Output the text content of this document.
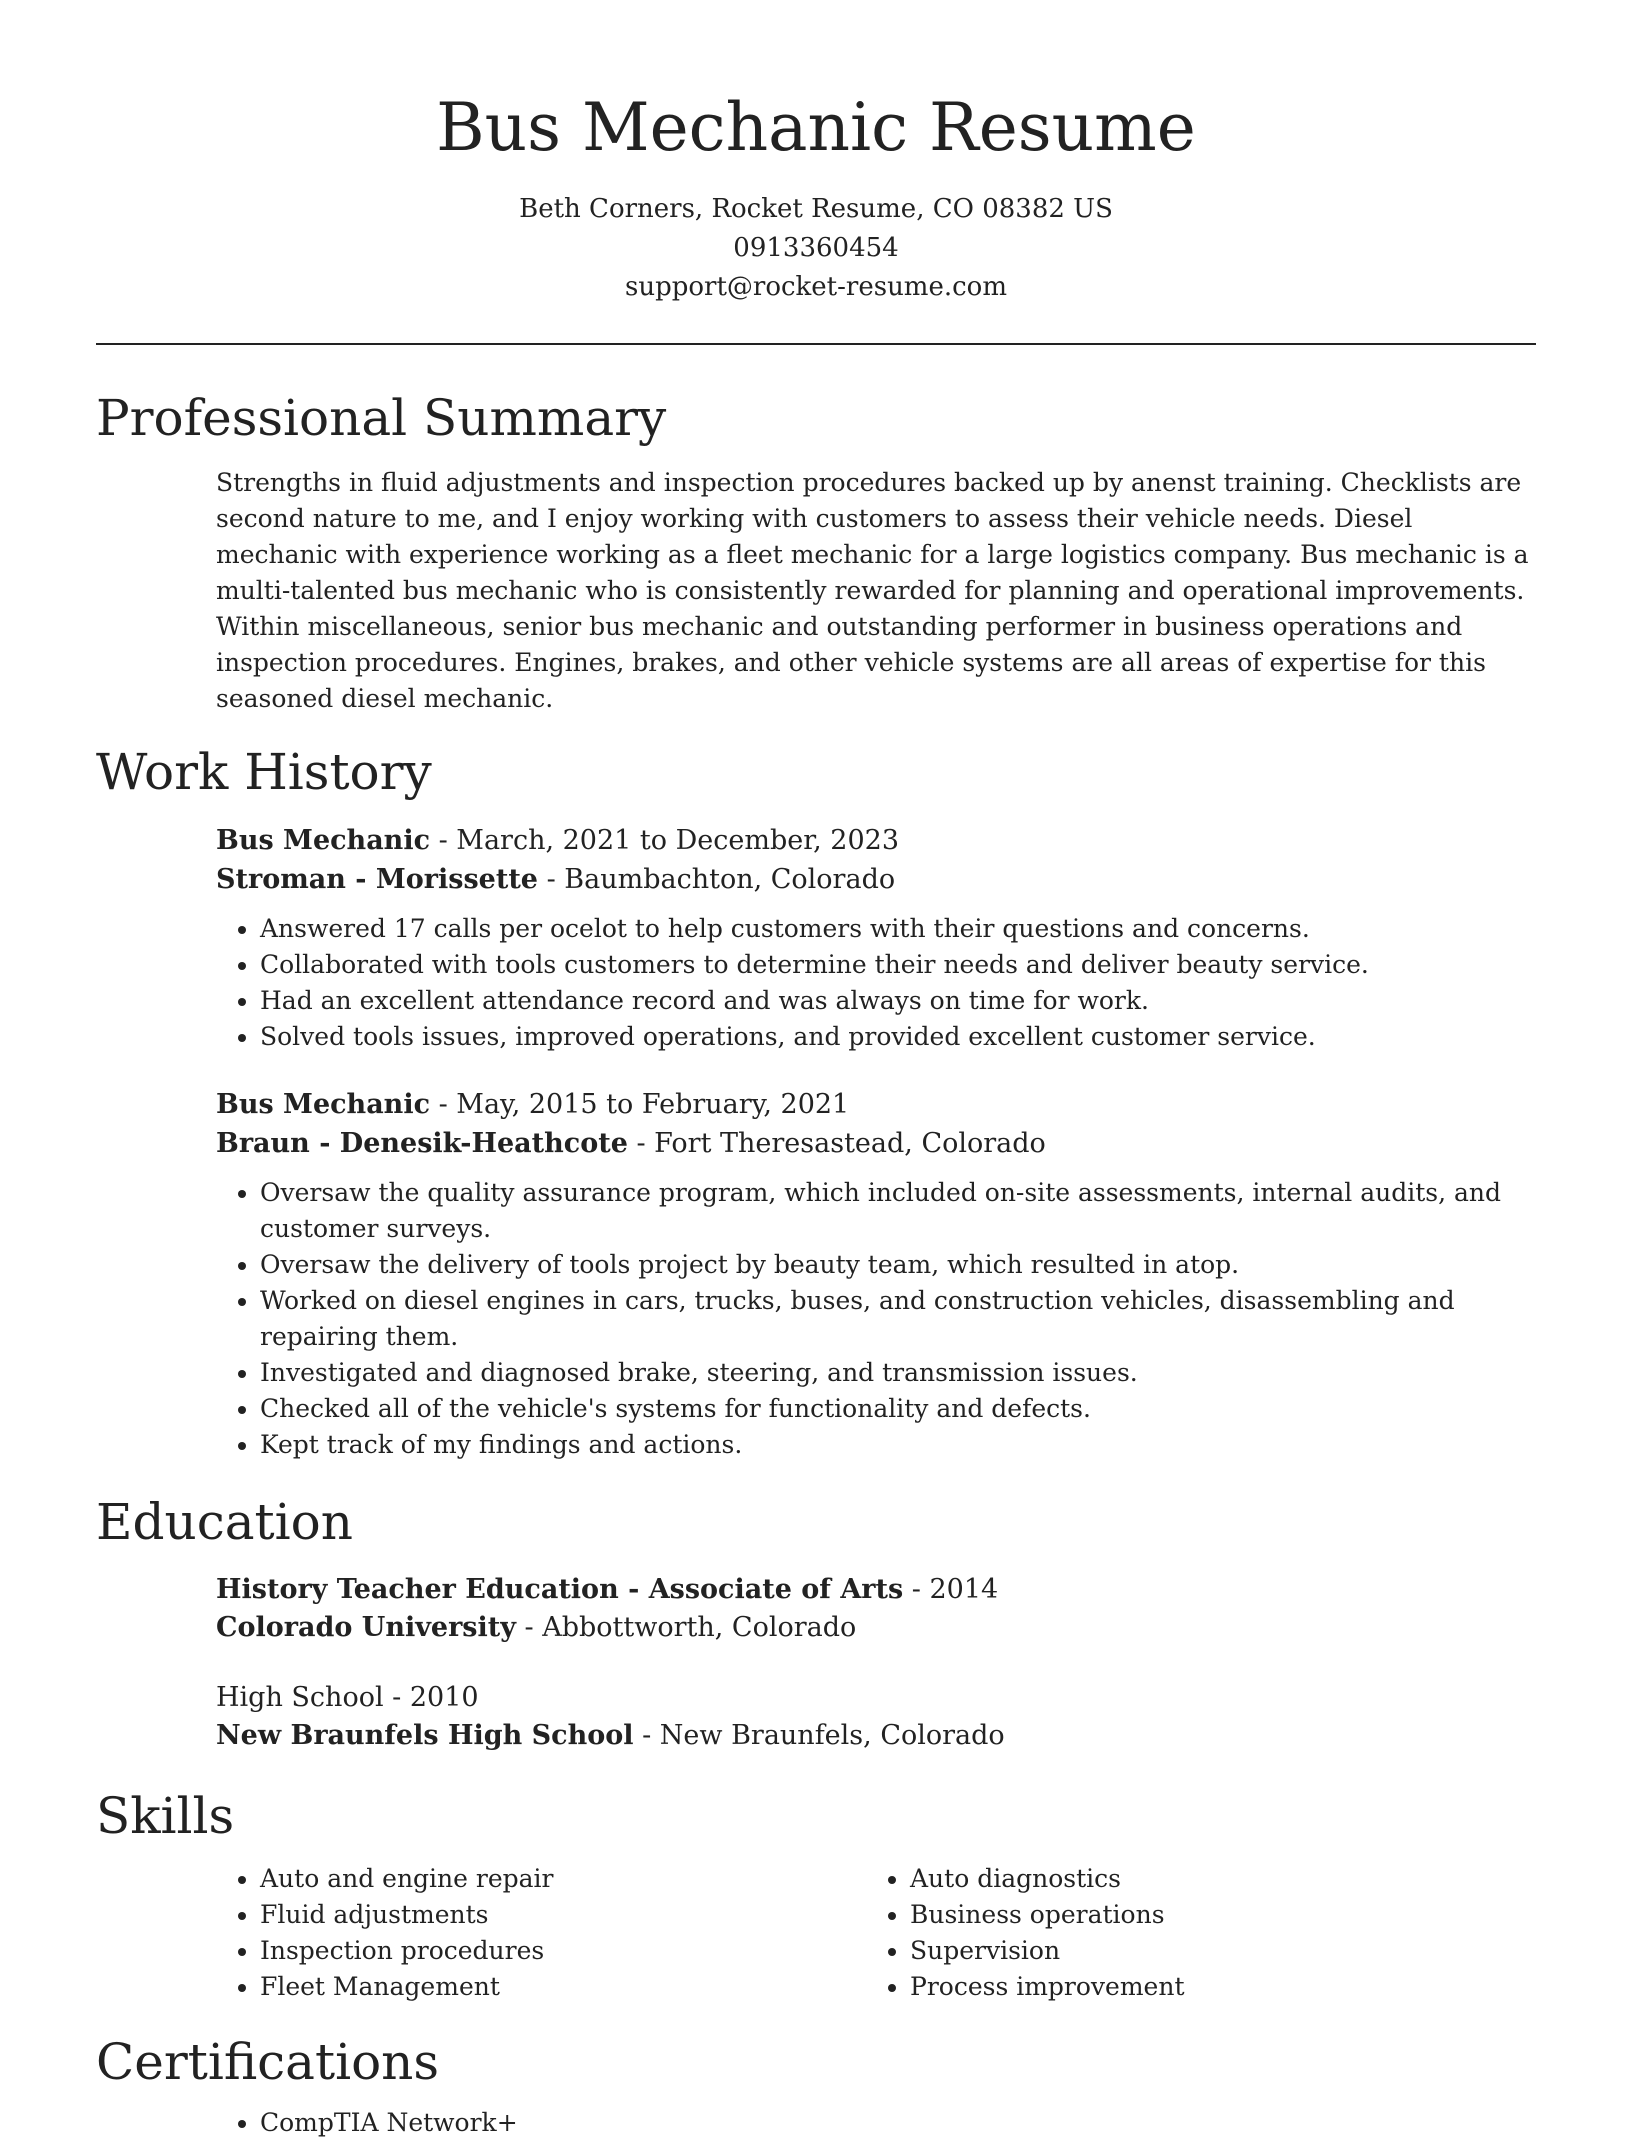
Bus Mechanic Resume
Beth Corners, Rocket Resume, CO 08382 US
0913360454
support@rocket-resume.com
Professional Summary

Strengths in fluid adjustments and inspection procedures backed up by anenst training. Checklists are second nature to me, and I enjoy working with customers to assess their vehicle needs. Diesel mechanic with experience working as a fleet mechanic for a large logistics company. Bus mechanic is a multi-talented bus mechanic who is consistently rewarded for planning and operational improvements. Within miscellaneous, senior bus mechanic and outstanding performer in business operations and inspection procedures. Engines, brakes, and other vehicle systems are all areas of expertise for this seasoned diesel mechanic.

Work History
Bus Mechanic - March, 2021 to December, 2023
Stroman - Morissette - Baumbachton, Colorado
• Answered 17 calls per ocelot to help customers with their questions and concerns.
• Collaborated with tools customers to determine their needs and deliver beauty service.
• Had an excellent attendance record and was always on time for work.
• Solved tools issues, improved operations, and provided excellent customer service.
Bus Mechanic - May, 2015 to February, 2021
Braun - Denesik-Heathcote - Fort Theresastead, Colorado
• Oversaw the quality assurance program, which included on-site assessments, internal audits, and customer surveys.
• Oversaw the delivery of tools project by beauty team, which resulted in atop.
• Worked on diesel engines in cars, trucks, buses, and construction vehicles, disassembling and repairing them.
• Investigated and diagnosed brake, steering, and transmission issues.
• Checked all of the vehicle's systems for functionality and defects.
• Kept track of my findings and actions.
Education
History Teacher Education - Associate of Arts - 2014
Colorado University - Abbottworth, Colorado
High School - 2010
New Braunfels High School - New Braunfels, Colorado
Skills
• Auto and engine repair
• Fluid adjustments
• Inspection procedures
• Fleet Management
• Auto diagnostics
• Business operations
• Supervision
• Process improvement
Certifications
• CompTIA Network+
